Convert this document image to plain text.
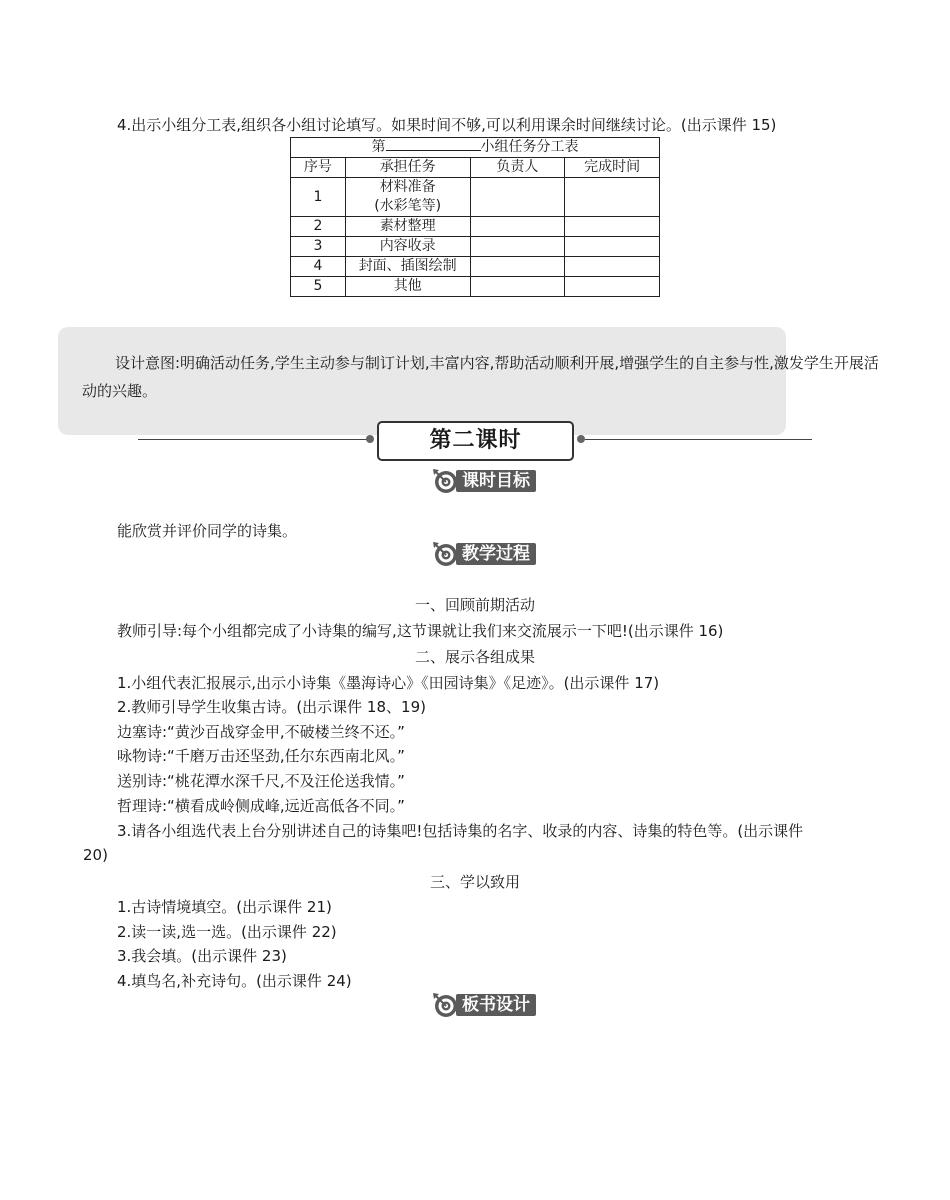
4.出示小组分工表,组织各小组讨论填写。如果时间不够,可以利用课余时间继续讨论。(出示课件 15)
第 小组任务分工表			
序号	承担任务	负责人	完成时间
1	材料准备
(水彩笔等)		

2	素材整理		
3	内容收录		
4	封面、插图绘制		
5	其他		
设计意图:明确活动任务,学生主动参与制订计划,丰富内容,帮助活动顺利开展,增强学生的自主参与性,激发学生开展活动的兴趣。
第二课时
课时目标
能欣赏并评价同学的诗集。
教学过程
一、回顾前期活动
教师引导:每个小组都完成了小诗集的编写,这节课就让我们来交流展示一下吧!(出示课件 16)
二、展示各组成果
1.小组代表汇报展示,出示小诗集《墨海诗心》《田园诗集》《足迹》。(出示课件 17)
2.教师引导学生收集古诗。(出示课件 18、19)
边塞诗:“黄沙百战穿金甲,不破楼兰终不还。”
咏物诗:“千磨万击还坚劲,任尔东西南北风。”
送别诗:“桃花潭水深千尺,不及汪伦送我情。”
哲理诗:“横看成岭侧成峰,远近高低各不同。”
3.请各小组选代表上台分别讲述自己的诗集吧!包括诗集的名字、收录的内容、诗集的特色等。(出示课件
20)
三、学以致用
1.古诗情境填空。(出示课件 21)
2.读一读,选一选。(出示课件 22)
3.我会填。(出示课件 23)
4.填鸟名,补充诗句。(出示课件 24)
板书设计
